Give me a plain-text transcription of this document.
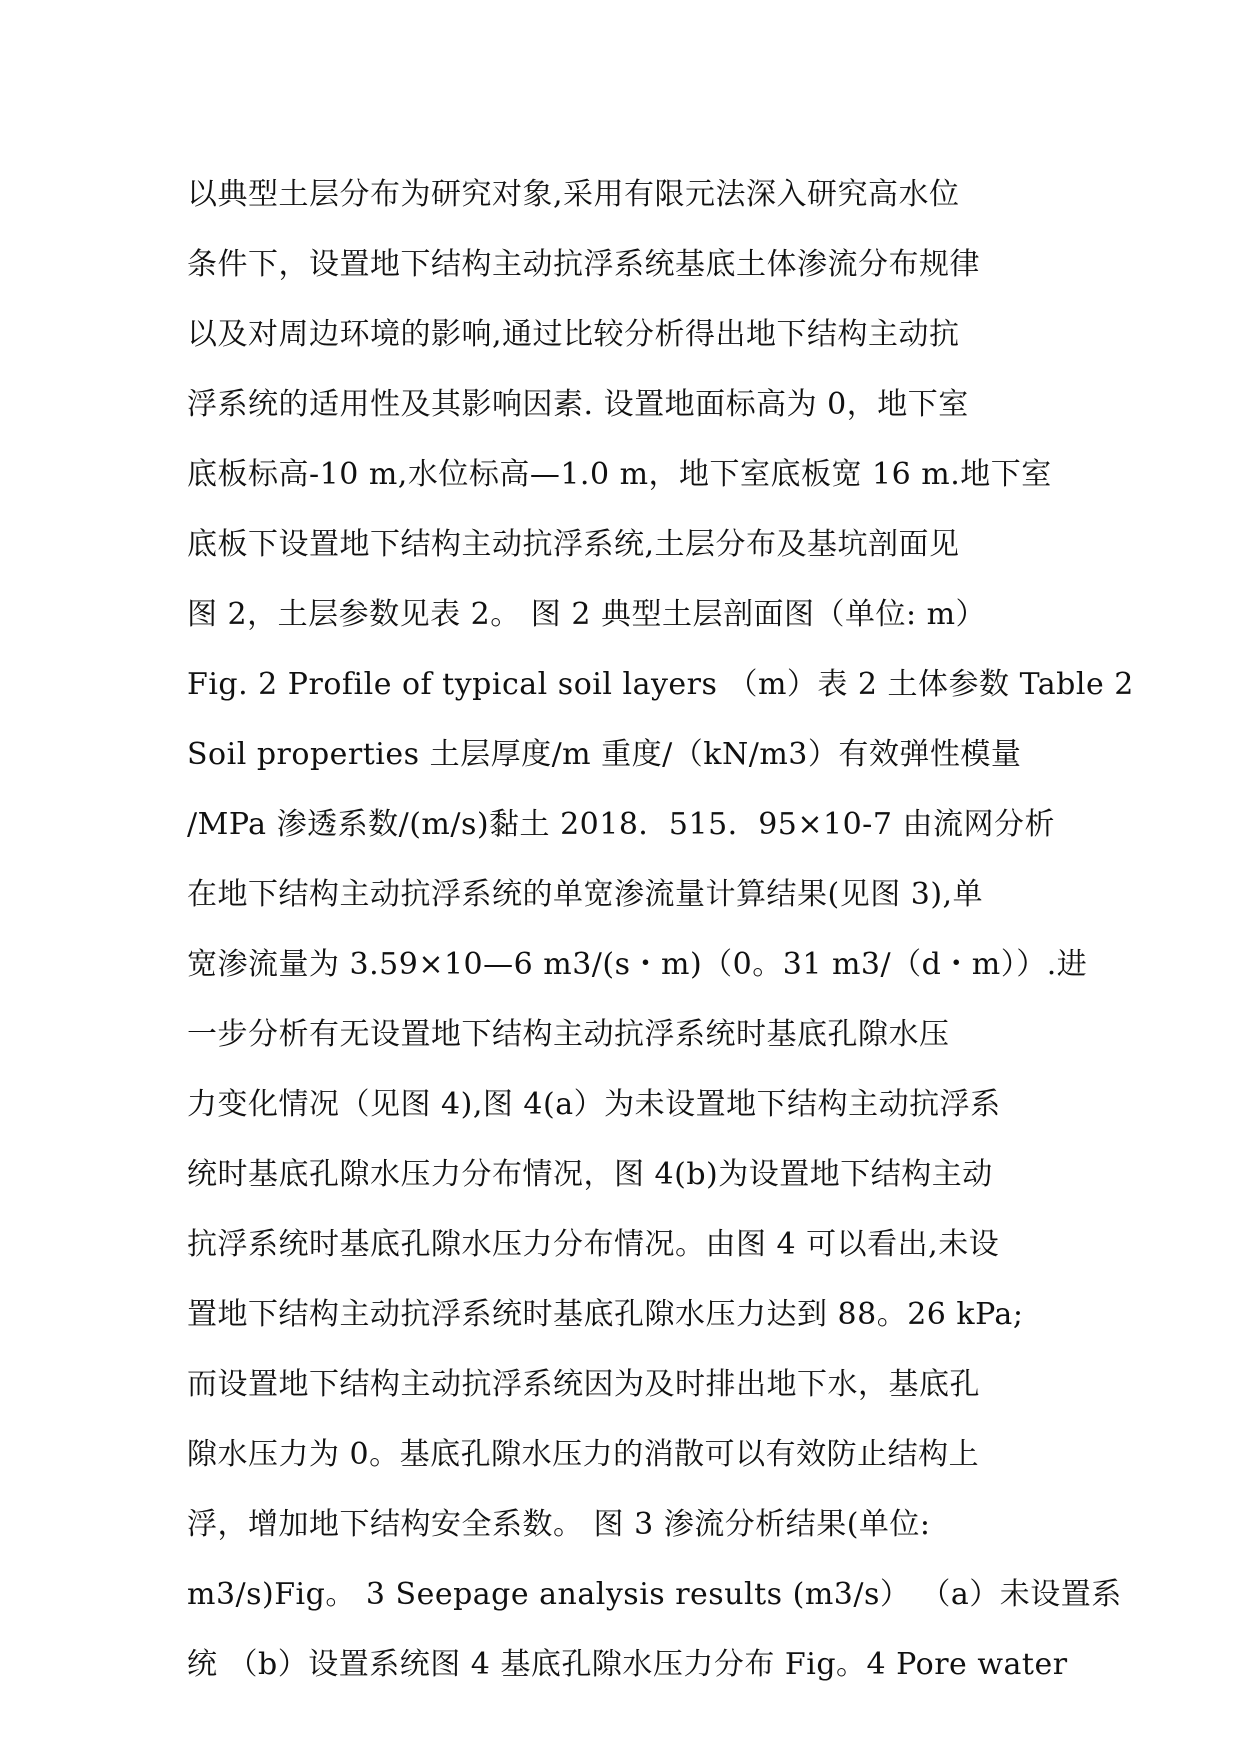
以典型土层分布为研究对象,采用有限元法深入研究高水位
条件下，设置地下结构主动抗浮系统基底土体渗流分布规律
以及对周边环境的影响,通过比较分析得出地下结构主动抗
浮系统的适用性及其影响因素. 设置地面标高为 0，地下室
底板标高-10 m,水位标高—1.0 m，地下室底板宽 16 m.地下室
底板下设置地下结构主动抗浮系统,土层分布及基坑剖面见
图 2，土层参数见表 2。 图 2 典型土层剖面图（单位: m）
Fig. 2 Profile of typical soil layers （m）表 2 土体参数 Table 2
Soil properties 土层厚度/m 重度/（kN/m3）有效弹性模量
/MPa 渗透系数/(m/s)黏土 2018．515．95×10-7 由流网分析
在地下结构主动抗浮系统的单宽渗流量计算结果(见图 3),单
宽渗流量为 3.59×10—6 m3/(s・m)（0。31 m3/（d・m））.进
一步分析有无设置地下结构主动抗浮系统时基底孔隙水压
力变化情况（见图 4),图 4(a）为未设置地下结构主动抗浮系
统时基底孔隙水压力分布情况，图 4(b)为设置地下结构主动
抗浮系统时基底孔隙水压力分布情况。由图 4 可以看出,未设
置地下结构主动抗浮系统时基底孔隙水压力达到 88。26 kPa;
而设置地下结构主动抗浮系统因为及时排出地下水，基底孔
隙水压力为 0。基底孔隙水压力的消散可以有效防止结构上
浮，增加地下结构安全系数。 图 3 渗流分析结果(单位:
m3/s)Fig。 3 Seepage analysis results (m3/s） （a）未设置系
统 （b）设置系统图 4 基底孔隙水压力分布 Fig。4 Pore water
